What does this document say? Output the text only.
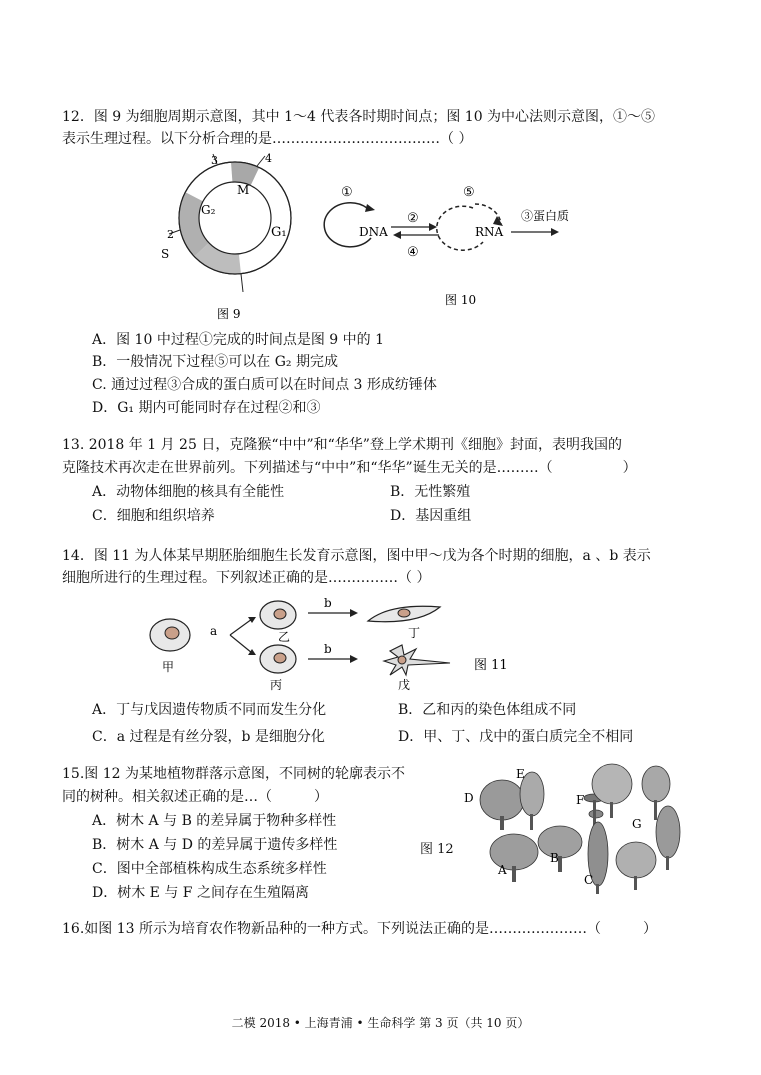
12．图 9 为细胞周期示意图，其中 1～4 代表各时期时间点；图 10 为中心法则示意图，①～⑤
表示生理过程。以下分析合理的是………………………………（ ）
3	4
M
G₂
G₁
2
S
图 9
①
②
④
⑤
③蛋白质
DNA	RNA
图 10
A．图 10 中过程①完成的时间点是图 9 中的 1
B．一般情况下过程⑤可以在 G₂ 期完成
C. 通过过程③合成的蛋白质可以在时间点 3 形成纺锤体
D．G₁ 期内可能同时存在过程②和③
13. 2018 年 1 月 25 日，克隆猴“中中”和“华华”登上学术期刊《细胞》封面，表明我国的
克隆技术再次走在世界前列。下列描述与“中中”和“华华”诞生无关的是………（　　　　　）
A．动物体细胞的核具有全能性	B．无性繁殖
C．细胞和组织培养	D．基因重组
14．图 11 为人体某早期胚胎细胞生长发育示意图，图中甲～戊为各个时期的细胞，a 、b 表示
细胞所进行的生理过程。下列叙述正确的是……………（ ）
甲
a	乙
丙
b
b
丁
戊
图 11
A．丁与戊因遗传物质不同而发生分化	B．乙和丙的染色体组成不同
C．a 过程是有丝分裂，b 是细胞分化	D．甲、丁、戊中的蛋白质完全不相同
15.图 12 为某地植物群落示意图，不同树的轮廓表示不
同的树种。相关叙述正确的是…（　　　）
A．树木 A 与 B 的差异属于物种多样性
B．树木 A 与 D 的差异属于遗传多样性
C．图中全部植株构成生态系统多样性
D．树木 E 与 F 之间存在生殖隔离
图 12
D
E
F
G
B
A
C
16.如图 13 所示为培育农作物新品种的一种方式。下列说法正确的是…………………（　　　）
二模 2018 • 上海青浦 • 生命科学 第 3 页（共 10 页）
